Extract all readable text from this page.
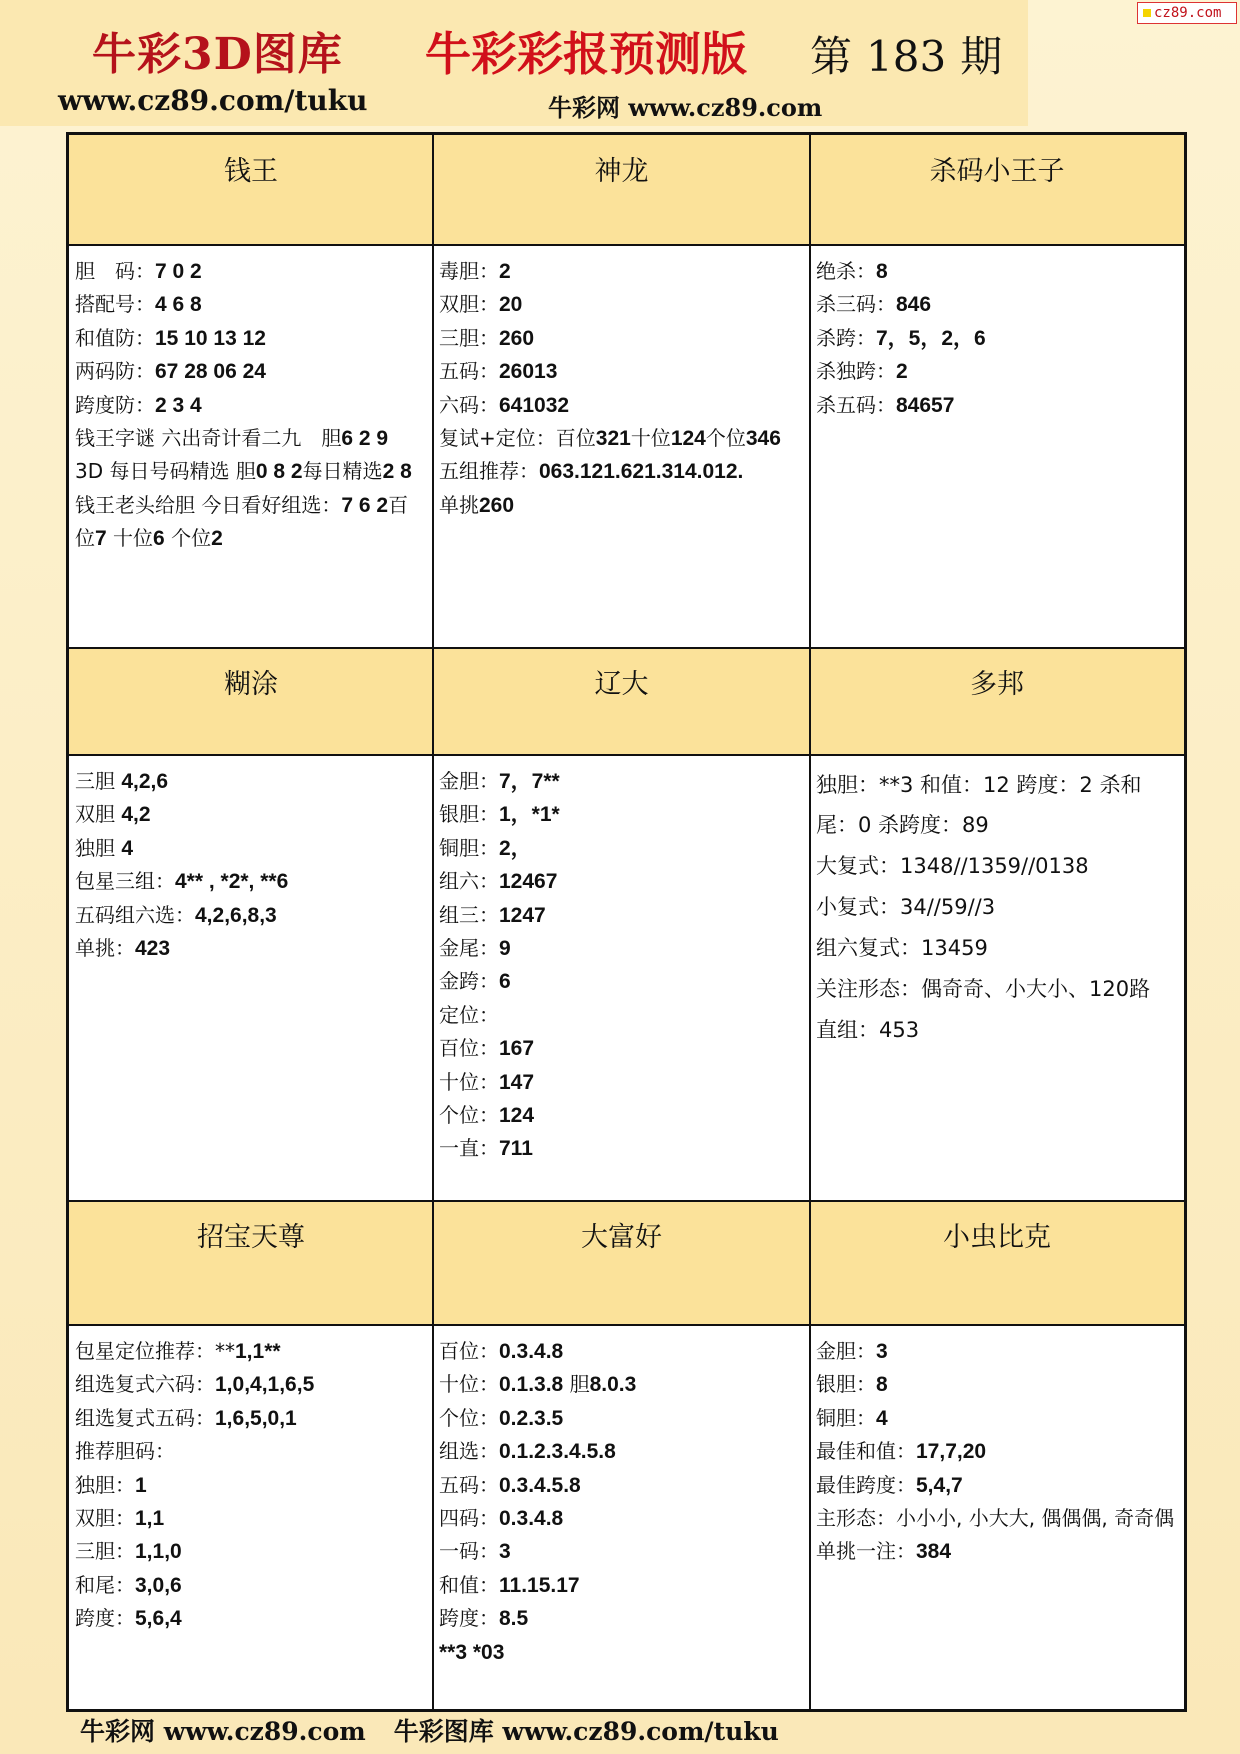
牛彩3D图库 牛彩彩报预测版 第 183 期
www.cz89.com/tuku	牛彩网 www.cz89.com
cz89.com
钱王
胆　码：7 0 2
搭配号：4 6 8
和值防：15 10 13 12
两码防：67 28 06 24
跨度防：2 3 4
钱王字谜 六出奇计看二九　胆6 2 9
3D 每日号码精选 胆0 8 2每日精选2 8
钱王老头给胆 今日看好组选：7 6 2百位7 十位6 个位2
神龙
毒胆：2
双胆：20
三胆：260
五码：26013
六码：641032
复试+定位：百位321十位124个位346
五组推荐：063.121.621.314.012.
单挑260
杀码小王子
绝杀：8
杀三码：846
杀跨：7，5，2，6
杀独跨：2
杀五码：84657
糊涂
三胆 4,2,6
双胆 4,2
独胆 4
包星三组：4** , *2*, **6
五码组六选：4,2,6,8,3
单挑：423
辽大
金胆：7，7**
银胆：1，*1*
铜胆：2，
组六：12467
组三：1247
金尾：9
金跨：6
定位：
百位：167
十位：147
个位：124
一直：711
多邦
独胆：**3 和值：12 跨度：2 杀和尾：0 杀跨度：89
大复式：1348//1359//0138
小复式：34//59//3
组六复式：13459
关注形态：偶奇奇、小大小、120路
直组：453
招宝天尊
包星定位推荐：**1,1**
组选复式六码：1,0,4,1,6,5
组选复式五码：1,6,5,0,1
推荐胆码：
独胆：1
双胆：1,1
三胆：1,1,0
和尾：3,0,6
跨度：5,6,4
大富好
百位：0.3.4.8
十位：0.1.3.8 胆8.0.3
个位：0.2.3.5
组选：0.1.2.3.4.5.8
五码：0.3.4.5.8
四码：0.3.4.8
一码：3
和值：11.15.17
跨度：8.5
**3 *03
小虫比克
金胆：3
银胆：8
铜胆：4
最佳和值：17,7,20
最佳跨度：5,4,7
主形态：小小小, 小大大, 偶偶偶, 奇奇偶
单挑一注：384
牛彩网 www.cz89.com 牛彩图库 www.cz89.com/tuku
